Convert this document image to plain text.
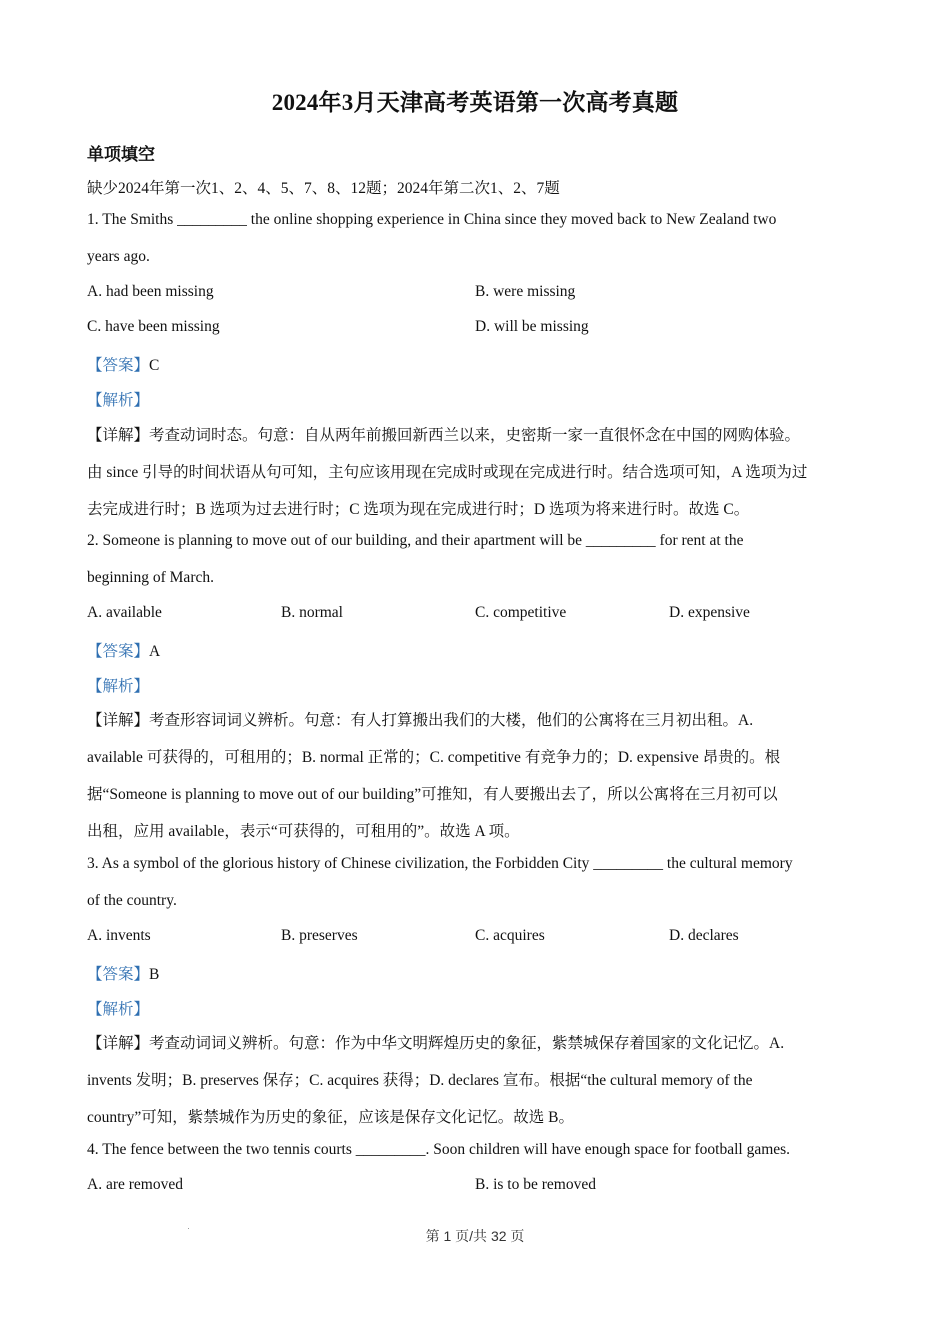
2024年3月天津高考英语第一次高考真题
单项填空
缺少2024年第一次1、2、4、5、7、8、12题；2024年第二次1、2、7题
1. The Smiths _________ the online shopping experience in China since they moved back to New Zealand two
years ago.
A. had been missing	B. were missing
C. have been missing	D. will be missing
【答案】C
【解析】
【详解】考查动词时态。句意：自从两年前搬回新西兰以来，史密斯一家一直很怀念在中国的网购体验。
由 since 引导的时间状语从句可知，主句应该用现在完成时或现在完成进行时。结合选项可知，A 选项为过
去完成进行时；B 选项为过去进行时；C 选项为现在完成进行时；D 选项为将来进行时。故选 C。
2. Someone is planning to move out of our building, and their apartment will be _________ for rent at the
beginning of March.
A. available	B. normal	C. competitive	D. expensive
【答案】A
【解析】
【详解】考查形容词词义辨析。句意：有人打算搬出我们的大楼，他们的公寓将在三月初出租。A.
available 可获得的，可租用的；B. normal 正常的；C. competitive 有竞争力的；D. expensive 昂贵的。根
据“Someone is planning to move out of our building”可推知，有人要搬出去了，所以公寓将在三月初可以
出租，应用 available，表示“可获得的，可租用的”。故选 A 项。
3. As a symbol of the glorious history of Chinese civilization, the Forbidden City _________ the cultural memory
of the country.
A. invents	B. preserves	C. acquires	D. declares
【答案】B
【解析】
【详解】考查动词词义辨析。句意：作为中华文明辉煌历史的象征，紫禁城保存着国家的文化记忆。A.
invents 发明；B. preserves 保存；C. acquires 获得；D. declares 宣布。根据“the cultural memory of the
country”可知，紫禁城作为历史的象征，应该是保存文化记忆。故选 B。
4. The fence between the two tennis courts _________. Soon children will have enough space for football games.
A. are removed	B. is to be removed
第 1 页/共 32 页
